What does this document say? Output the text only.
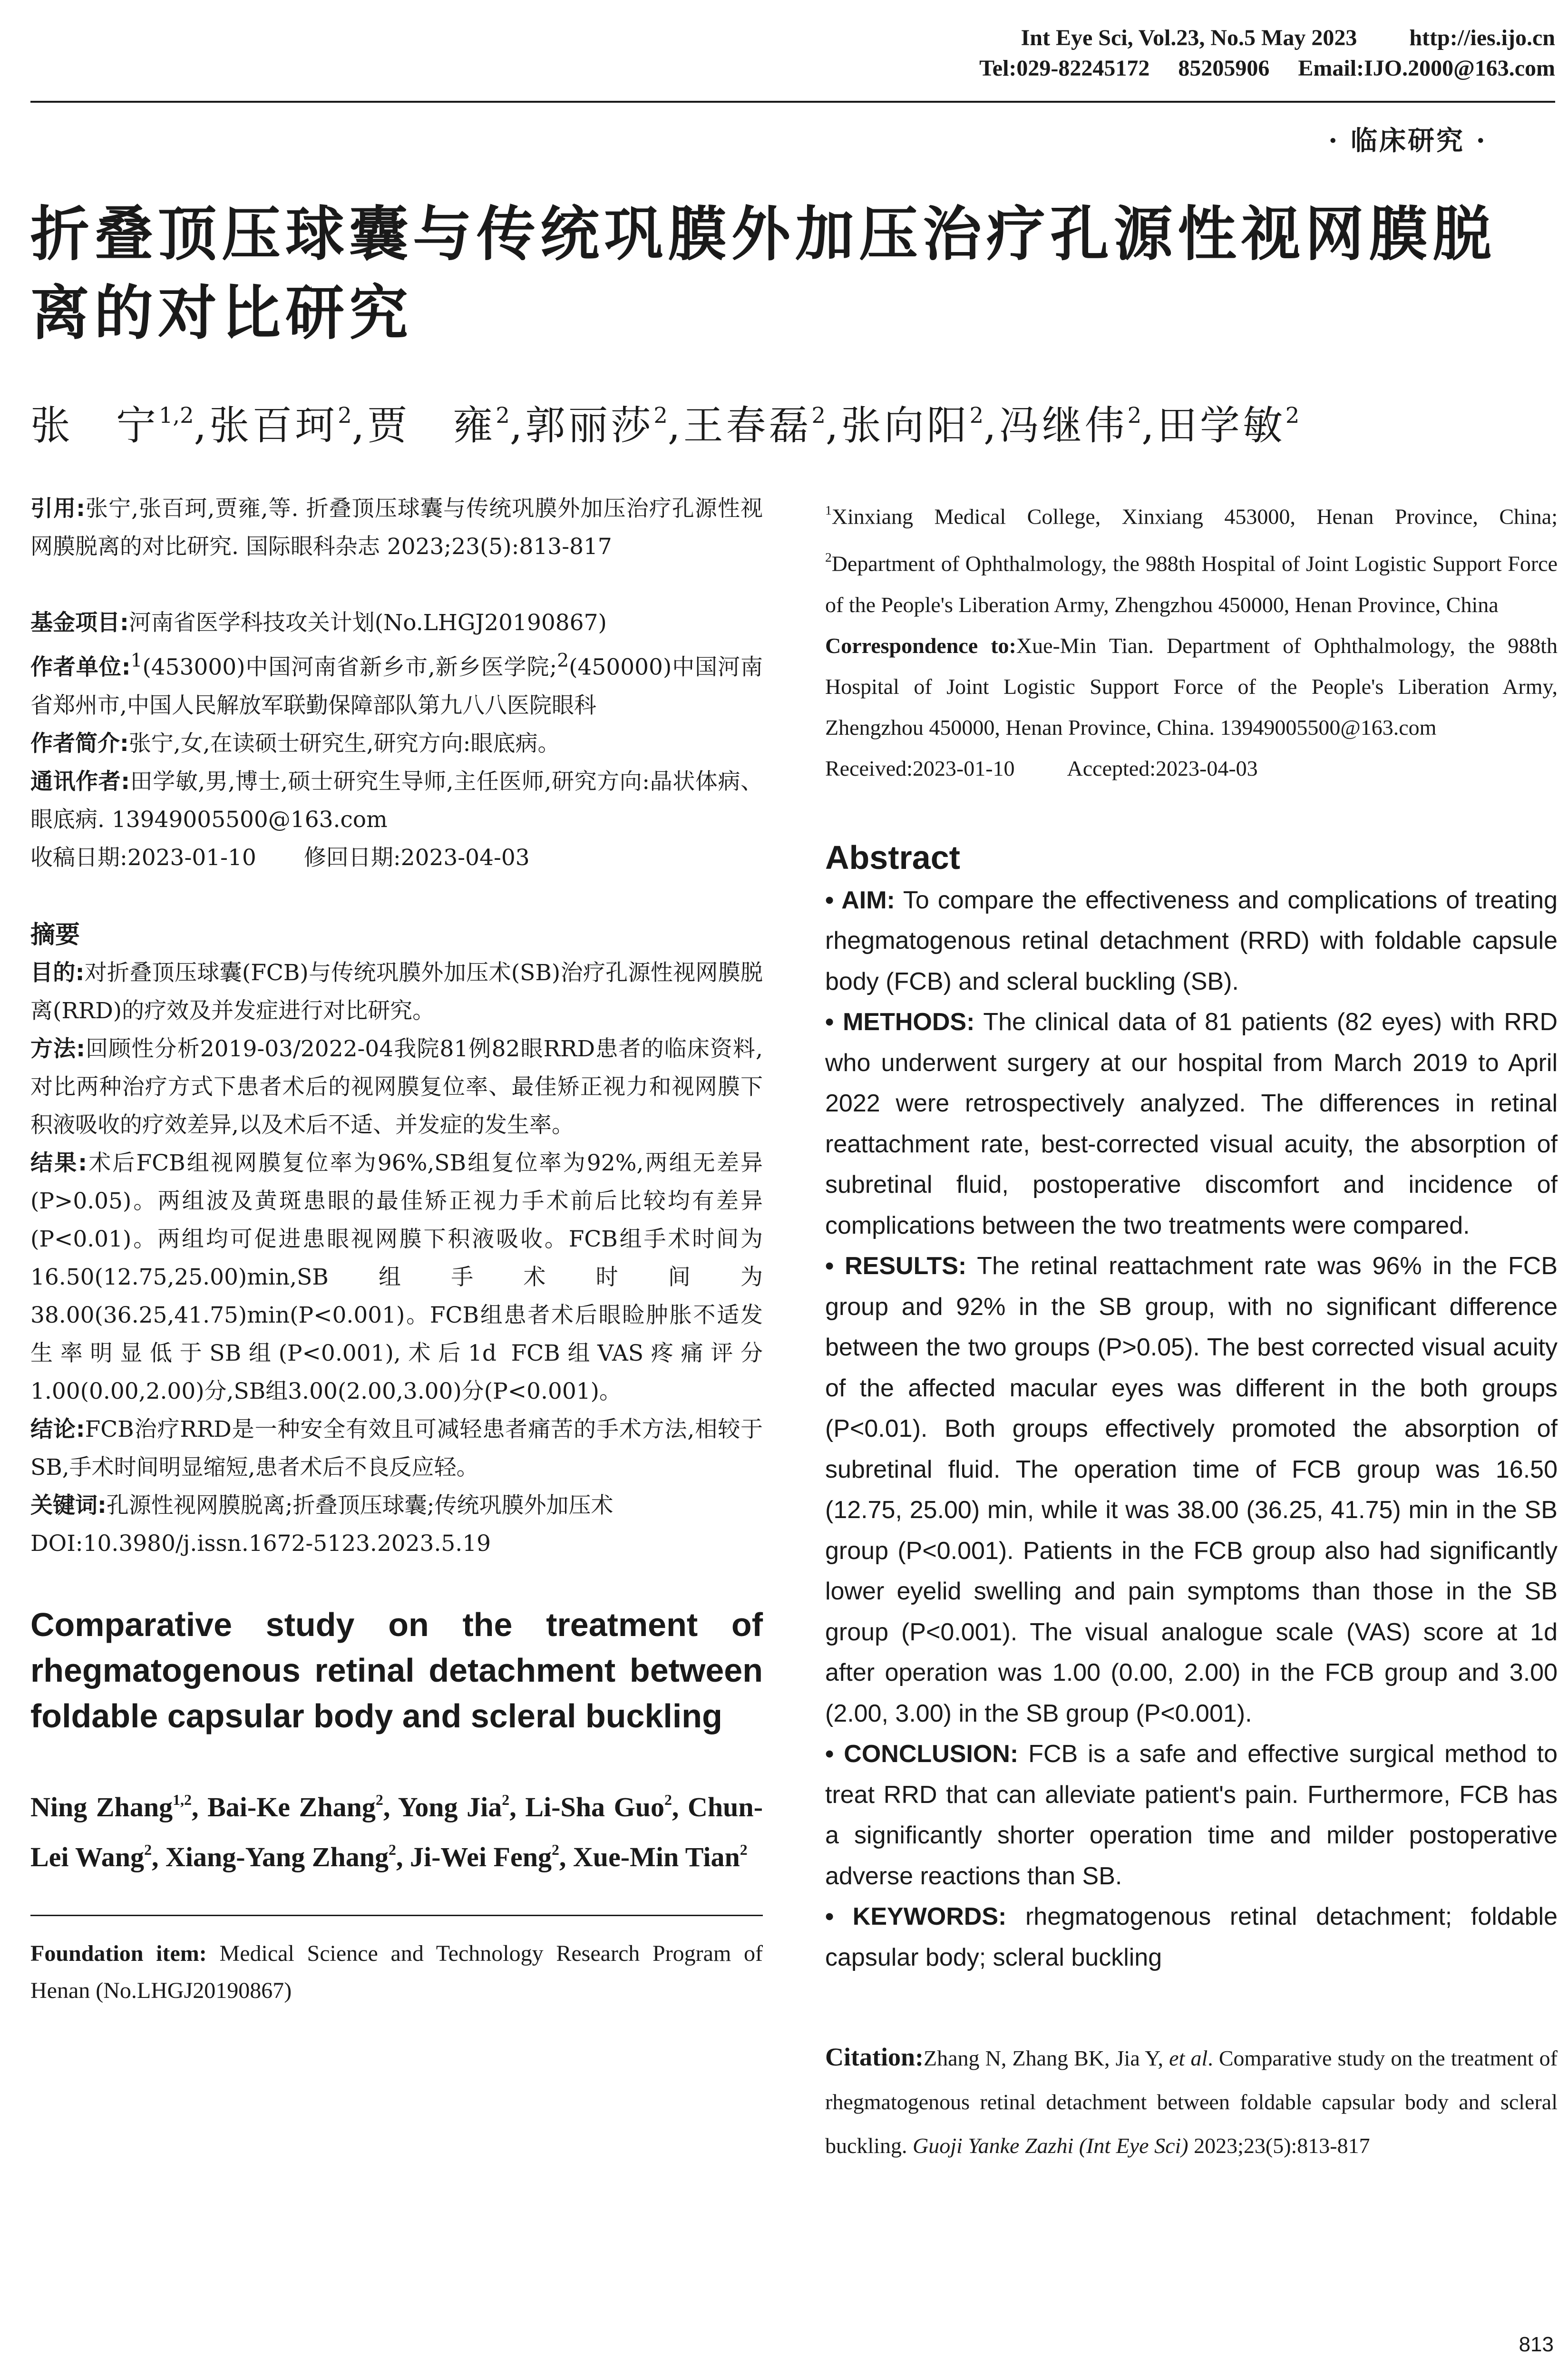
Int Eye Sci, Vol.23, No.5 May 2023 http://ies.ijo.cn
Tel:029-82245172 85205906 Email:IJO.2000@163.com
· 临床研究 ·
折叠顶压球囊与传统巩膜外加压治疗孔源性视网膜脱离的对比研究
张　宁$^{1,2}$,张百珂$^2$,贾　雍$^2$,郭丽莎$^2$,王春磊$^2$,张向阳$^2$,冯继伟$^2$,田学敏$^2$
引用:张宁,张百珂,贾雍,等. 折叠顶压球囊与传统巩膜外加压治疗孔源性视网膜脱离的对比研究. 国际眼科杂志 2023;23(5):813-817
基金项目:河南省医学科技攻关计划(No.LHGJ20190867)
作者单位:$^1$(453000)中国河南省新乡市,新乡医学院;$^2$(450000)中国河南省郑州市,中国人民解放军联勤保障部队第九八八医院眼科
作者简介:张宁,女,在读硕士研究生,研究方向:眼底病。
通讯作者:田学敏,男,博士,硕士研究生导师,主任医师,研究方向:晶状体病、眼底病. 13949005500@163.com
收稿日期:2023-01-10 修回日期:2023-04-03
摘要
目的:对折叠顶压球囊(FCB)与传统巩膜外加压术(SB)治疗孔源性视网膜脱离(RRD)的疗效及并发症进行对比研究。
方法:回顾性分析2019-03/2022-04我院81例82眼RRD患者的临床资料,对比两种治疗方式下患者术后的视网膜复位率、最佳矫正视力和视网膜下积液吸收的疗效差异,以及术后不适、并发症的发生率。
结果:术后FCB组视网膜复位率为96%,SB组复位率为92%,两组无差异(P>0.05)。两组波及黄斑患眼的最佳矫正视力手术前后比较均有差异(P<0.01)。两组均可促进患眼视网膜下积液吸收。FCB组手术时间为16.50(12.75,25.00)min,SB组手术时间为38.00(36.25,41.75)min(P<0.001)。FCB组患者术后眼睑肿胀不适发生率明显低于SB组(P<0.001),术后1d FCB组VAS疼痛评分1.00(0.00,2.00)分,SB组3.00(2.00,3.00)分(P<0.001)。
结论:FCB治疗RRD是一种安全有效且可减轻患者痛苦的手术方法,相较于SB,手术时间明显缩短,患者术后不良反应轻。
关键词:孔源性视网膜脱离;折叠顶压球囊;传统巩膜外加压术
DOI:10.3980/j.issn.1672-5123.2023.5.19
Comparative study on the treatment of rhegmatogenous retinal detachment between foldable capsular body and scleral buckling
Ning Zhang$^{1,2}$, Bai-Ke Zhang$^2$, Yong Jia$^2$, Li-Sha Guo$^2$, Chun-Lei Wang$^2$, Xiang-Yang Zhang$^2$, Ji-Wei Feng$^2$, Xue-Min Tian$^2$
Foundation item: Medical Science and Technology Research Program of Henan (No.LHGJ20190867)
$^1$Xinxiang Medical College, Xinxiang 453000, Henan Province, China; $^2$Department of Ophthalmology, the 988th Hospital of Joint Logistic Support Force of the People's Liberation Army, Zhengzhou 450000, Henan Province, China
Correspondence to:Xue-Min Tian. Department of Ophthalmology, the 988th Hospital of Joint Logistic Support Force of the People's Liberation Army, Zhengzhou 450000, Henan Province, China. 13949005500@163.com
Received:2023-01-10 Accepted:2023-04-03
Abstract
• AIM: To compare the effectiveness and complications of treating rhegmatogenous retinal detachment (RRD) with foldable capsule body (FCB) and scleral buckling (SB).
• METHODS: The clinical data of 81 patients (82 eyes) with RRD who underwent surgery at our hospital from March 2019 to April 2022 were retrospectively analyzed. The differences in retinal reattachment rate, best-corrected visual acuity, the absorption of subretinal fluid, postoperative discomfort and incidence of complications between the two treatments were compared.
• RESULTS: The retinal reattachment rate was 96% in the FCB group and 92% in the SB group, with no significant difference between the two groups (P>0.05). The best corrected visual acuity of the affected macular eyes was different in the both groups (P<0.01). Both groups effectively promoted the absorption of subretinal fluid. The operation time of FCB group was 16.50 (12.75, 25.00) min, while it was 38.00 (36.25, 41.75) min in the SB group (P<0.001). Patients in the FCB group also had significantly lower eyelid swelling and pain symptoms than those in the SB group (P<0.001). The visual analogue scale (VAS) score at 1d after operation was 1.00 (0.00, 2.00) in the FCB group and 3.00 (2.00, 3.00) in the SB group (P<0.001).
• CONCLUSION: FCB is a safe and effective surgical method to treat RRD that can alleviate patient's pain. Furthermore, FCB has a significantly shorter operation time and milder postoperative adverse reactions than SB.
• KEYWORDS: rhegmatogenous retinal detachment; foldable capsular body; scleral buckling
Citation:Zhang N, Zhang BK, Jia Y, et al. Comparative study on the treatment of rhegmatogenous retinal detachment between foldable capsular body and scleral buckling. Guoji Yanke Zazhi (Int Eye Sci) 2023;23(5):813-817
813
